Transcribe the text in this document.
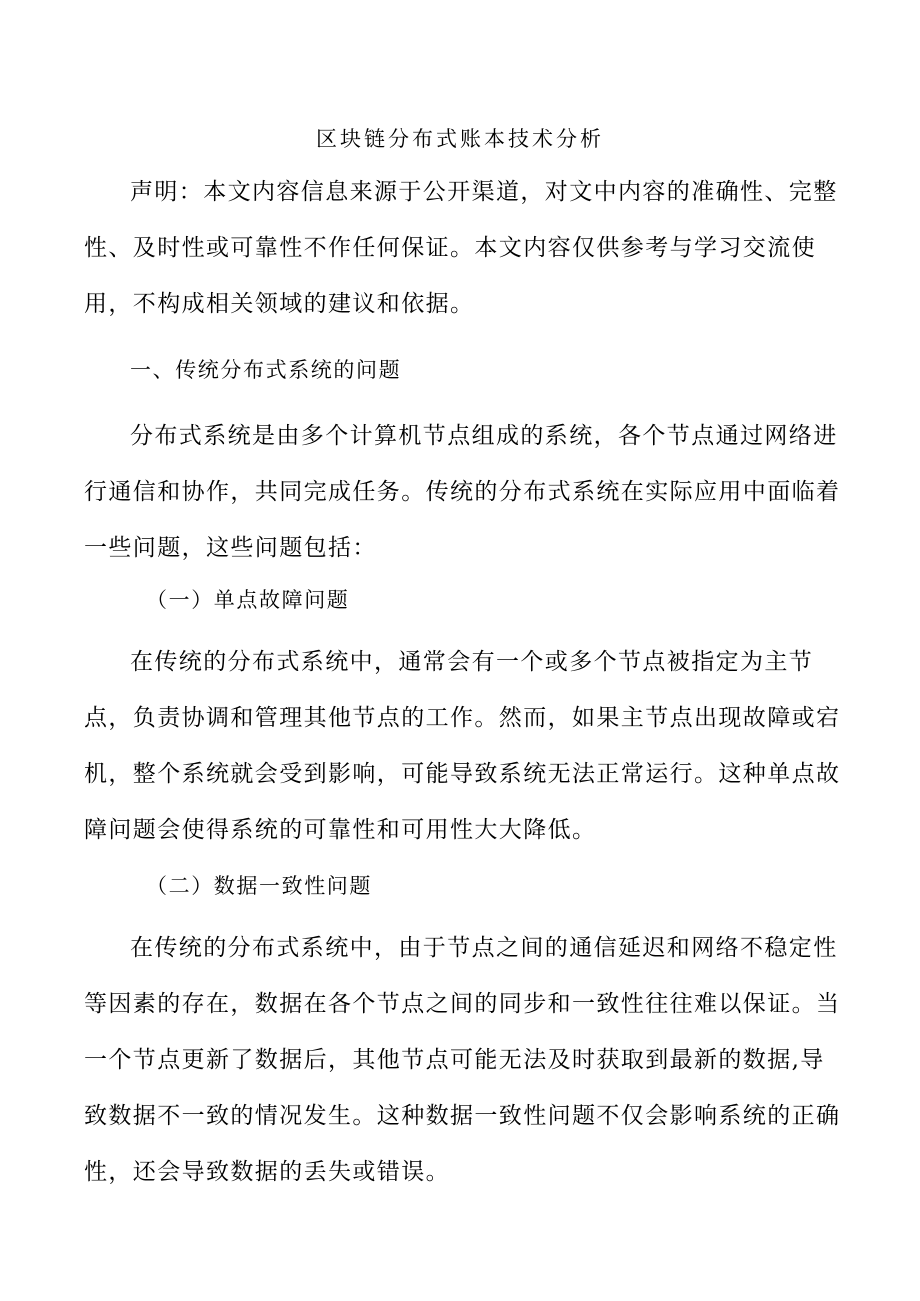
区块链分布式账本技术分析

声明：本文内容信息来源于公开渠道，对文中内容的准确性、完整性、及时性或可靠性不作任何保证。本文内容仅供参考与学习交流使用，不构成相关领域的建议和依据。

一、传统分布式系统的问题

分布式系统是由多个计算机节点组成的系统，各个节点通过网络进行通信和协作，共同完成任务。传统的分布式系统在实际应用中面临着一些问题，这些问题包括：

（一）单点故障问题

在传统的分布式系统中，通常会有一个或多个节点被指定为主节点，负责协调和管理其他节点的工作。然而，如果主节点出现故障或宕机，整个系统就会受到影响，可能导致系统无法正常运行。这种单点故障问题会使得系统的可靠性和可用性大大降低。

（二）数据一致性问题

在传统的分布式系统中，由于节点之间的通信延迟和网络不稳定性等因素的存在，数据在各个节点之间的同步和一致性往往难以保证。当一个节点更新了数据后，其他节点可能无法及时获取到最新的数据,导致数据不一致的情况发生。这种数据一致性问题不仅会影响系统的正确性，还会导致数据的丢失或错误。
